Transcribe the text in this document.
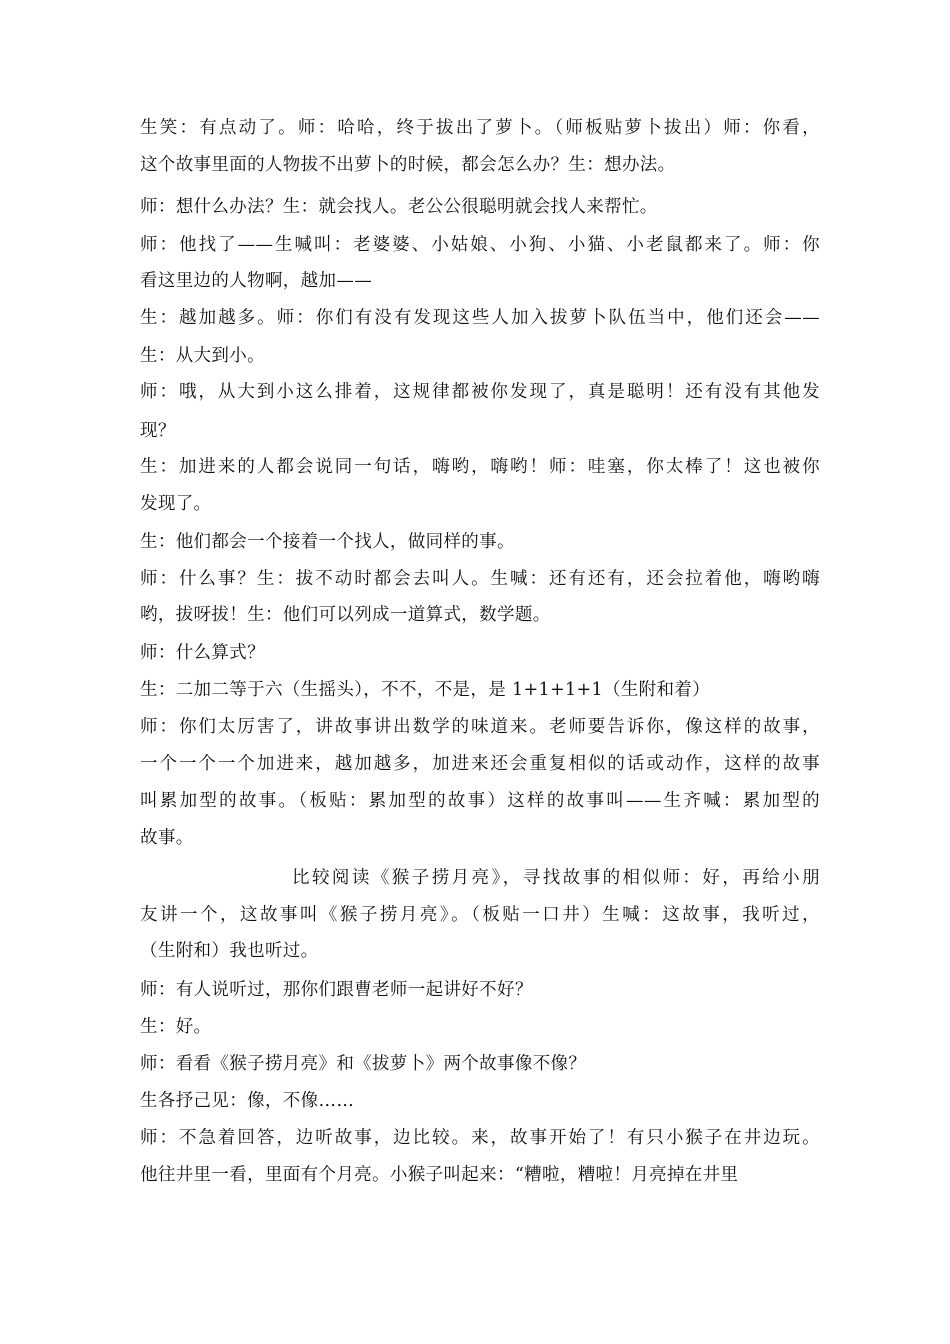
生笑：有点动了。师：哈哈，终于拔出了萝卜。（师板贴萝卜拔出）师：你看，
这个故事里面的人物拔不出萝卜的时候，都会怎么办？生：想办法。
师：想什么办法？生：就会找人。老公公很聪明就会找人来帮忙。
师：他找了——生喊叫：老婆婆、小姑娘、小狗、小猫、小老鼠都来了。师：你
看这里边的人物啊，越加——
生：越加越多。师：你们有没有发现这些人加入拔萝卜队伍当中，他们还会——
生：从大到小。
师：哦，从大到小这么排着，这规律都被你发现了，真是聪明！还有没有其他发
现？
生：加进来的人都会说同一句话，嗨哟，嗨哟！师：哇塞，你太棒了！这也被你
发现了。
生：他们都会一个接着一个找人，做同样的事。
师：什么事？生：拔不动时都会去叫人。生喊：还有还有，还会拉着他，嗨哟嗨
哟，拔呀拔！生：他们可以列成一道算式，数学题。
师：什么算式？
生：二加二等于六（生摇头），不不，不是，是 1+1+1+1（生附和着）
师：你们太厉害了，讲故事讲出数学的味道来。老师要告诉你，像这样的故事，
一个一个一个加进来，越加越多，加进来还会重复相似的话或动作，这样的故事
叫累加型的故事。（板贴：累加型的故事）这样的故事叫——生齐喊：累加型的
故事。
比较阅读《猴子捞月亮》，寻找故事的相似师：好，再给小朋
友讲一个，这故事叫《猴子捞月亮》。（板贴一口井）生喊：这故事，我听过，
（生附和）我也听过。
师：有人说听过，那你们跟曹老师一起讲好不好？
生：好。
师：看看《猴子捞月亮》和《拔萝卜》两个故事像不像？
生各抒己见：像，不像……
师：不急着回答，边听故事，边比较。来，故事开始了！有只小猴子在井边玩。
他往井里一看，里面有个月亮。小猴子叫起来：“糟啦，糟啦！月亮掉在井里
